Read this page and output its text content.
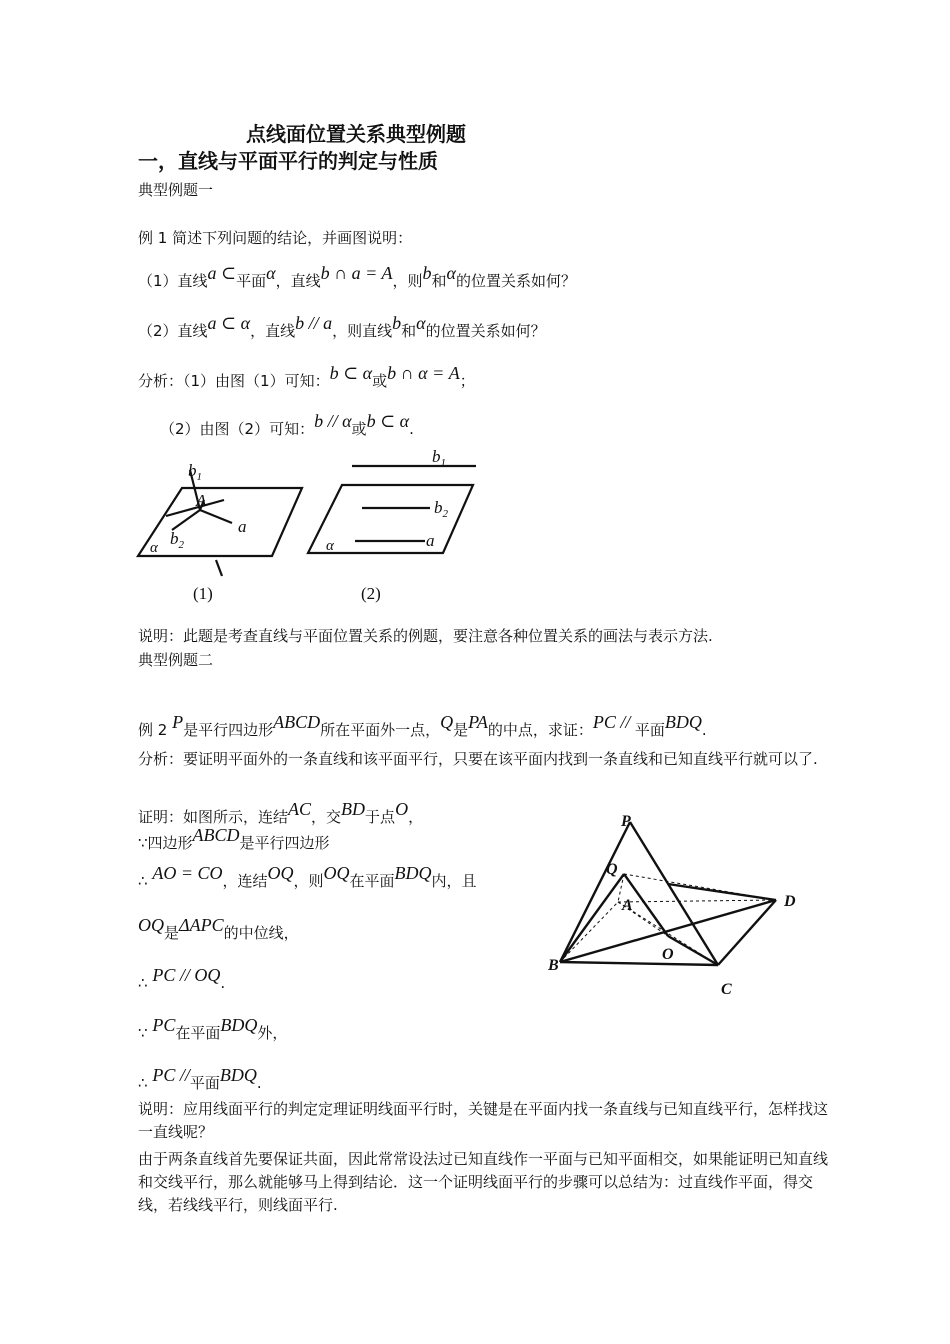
点线面位置关系典型例题
一，直线与平面平行的判定与性质
典型例题一
例 1 简述下列问题的结论，并画图说明：
（1）直线a ⊂平面α，直线b ∩ a = A，则b和α的位置关系如何？
（2）直线a ⊂ α，直线b // a，则直线b和α的位置关系如何？
分析：（1）由图（1）可知：b ⊂ α或b ∩ α = A；
（2）由图（2）可知：b // α或b ⊂ α.
$b_1$
A
a
$b_2$
α
$b_1$
$b_2$
a
α
(1)	(2)
说明：此题是考查直线与平面位置关系的例题，要注意各种位置关系的画法与表示方法.
典型例题二
例 2 P是平行四边形ABCD所在平面外一点，Q是PA的中点，求证：PC // 平面BDQ.
分析：要证明平面外的一条直线和该平面平行，只要在该平面内找到一条直线和已知直线平行就可以了.
证明：如图所示，连结AC，交BD于点O，
∵四边形ABCD是平行四边形
∴ AO = CO，连结OQ，则OQ在平面BDQ内，且
OQ是ΔAPC的中位线，
∴ PC // OQ.
∵ PC在平面BDQ外，
∴ PC //平面BDQ.
P
Q
A	D
O
B
C
说明：应用线面平行的判定定理证明线面平行时，关键是在平面内找一条直线与已知直线平行，怎样找这一直线呢？
由于两条直线首先要保证共面，因此常常设法过已知直线作一平面与已知平面相交，如果能证明已知直线和交线平行，那么就能够马上得到结论．这一个证明线面平行的步骤可以总结为：过直线作平面，得交线，若线线平行，则线面平行.
